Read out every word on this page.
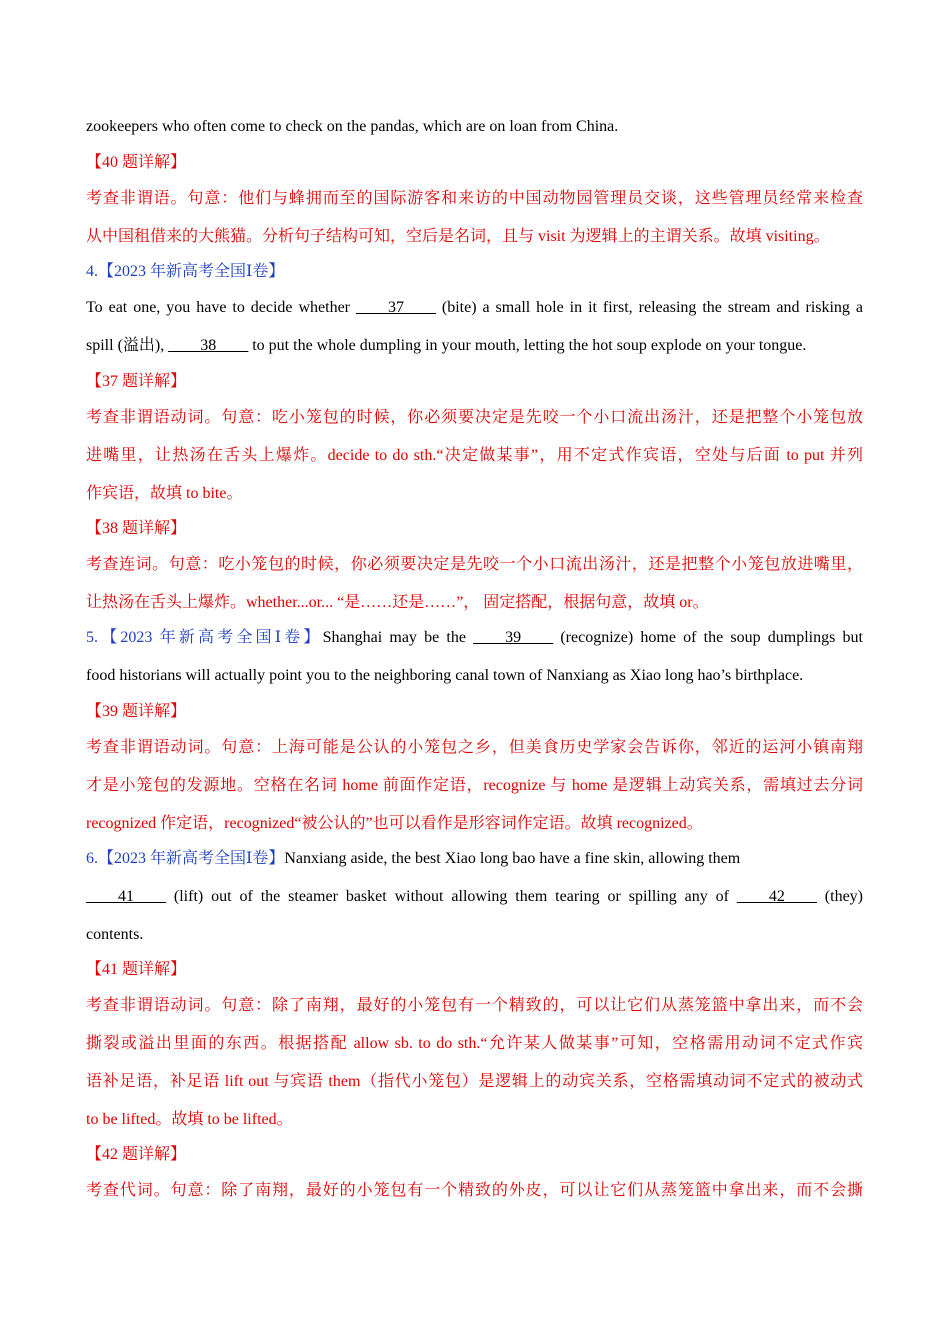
zookeepers who often come to check on the pandas, which are on loan from China.
【40 题详解】
考查非谓语。句意：他们与蜂拥而至的国际游客和来访的中国动物园管理员交谈，这些管理员经常来检查
从中国租借来的大熊猫。分析句子结构可知，空后是名词，且与 visit 为逻辑上的主谓关系。故填 visiting。
4.【2023 年新高考全国Ⅰ卷】
To eat one, you have to decide whether ____37____ (bite) a small hole in it first, releasing the stream and risking a
spill (溢出), ____38____ to put the whole dumpling in your mouth, letting the hot soup explode on your tongue.
【37 题详解】
考查非谓语动词。句意：吃小笼包的时候，你必须要决定是先咬一个小口流出汤汁，还是把整个小笼包放
进嘴里，让热汤在舌头上爆炸。decide to do sth.“决定做某事”，用不定式作宾语，空处与后面 to put 并列
作宾语，故填 to bite。
【38 题详解】
考查连词。句意：吃小笼包的时候，你必须要决定是先咬一个小口流出汤汁，还是把整个小笼包放进嘴里，
让热汤在舌头上爆炸。whether...or... “是……还是……”， 固定搭配，根据句意，故填 or。
5.【2023 年新高考全国Ⅰ卷】Shanghai may be the ____39____ (recognize) home of the soup dumplings but
food historians will actually point you to the neighboring canal town of Nanxiang as Xiao long hao’s birthplace.
【39 题详解】
考查非谓语动词。句意：上海可能是公认的小笼包之乡，但美食历史学家会告诉你，邻近的运河小镇南翔
才是小笼包的发源地。空格在名词 home 前面作定语，recognize 与 home 是逻辑上动宾关系，需填过去分词
recognized 作定语，recognized“被公认的”也可以看作是形容词作定语。故填 recognized。
6.【2023 年新高考全国Ⅰ卷】Nanxiang aside, the best Xiao long bao have a fine skin, allowing them
____41____ (lift) out of the steamer basket without allowing them tearing or spilling any of ____42____ (they)
contents.
【41 题详解】
考查非谓语动词。句意：除了南翔，最好的小笼包有一个精致的，可以让它们从蒸笼篮中拿出来，而不会
撕裂或溢出里面的东西。根据搭配 allow sb. to do sth.“允许某人做某事”可知，空格需用动词不定式作宾
语补足语，补足语 lift out 与宾语 them（指代小笼包）是逻辑上的动宾关系，空格需填动词不定式的被动式
to be lifted。故填 to be lifted。
【42 题详解】
考查代词。句意：除了南翔，最好的小笼包有一个精致的外皮，可以让它们从蒸笼篮中拿出来，而不会撕
